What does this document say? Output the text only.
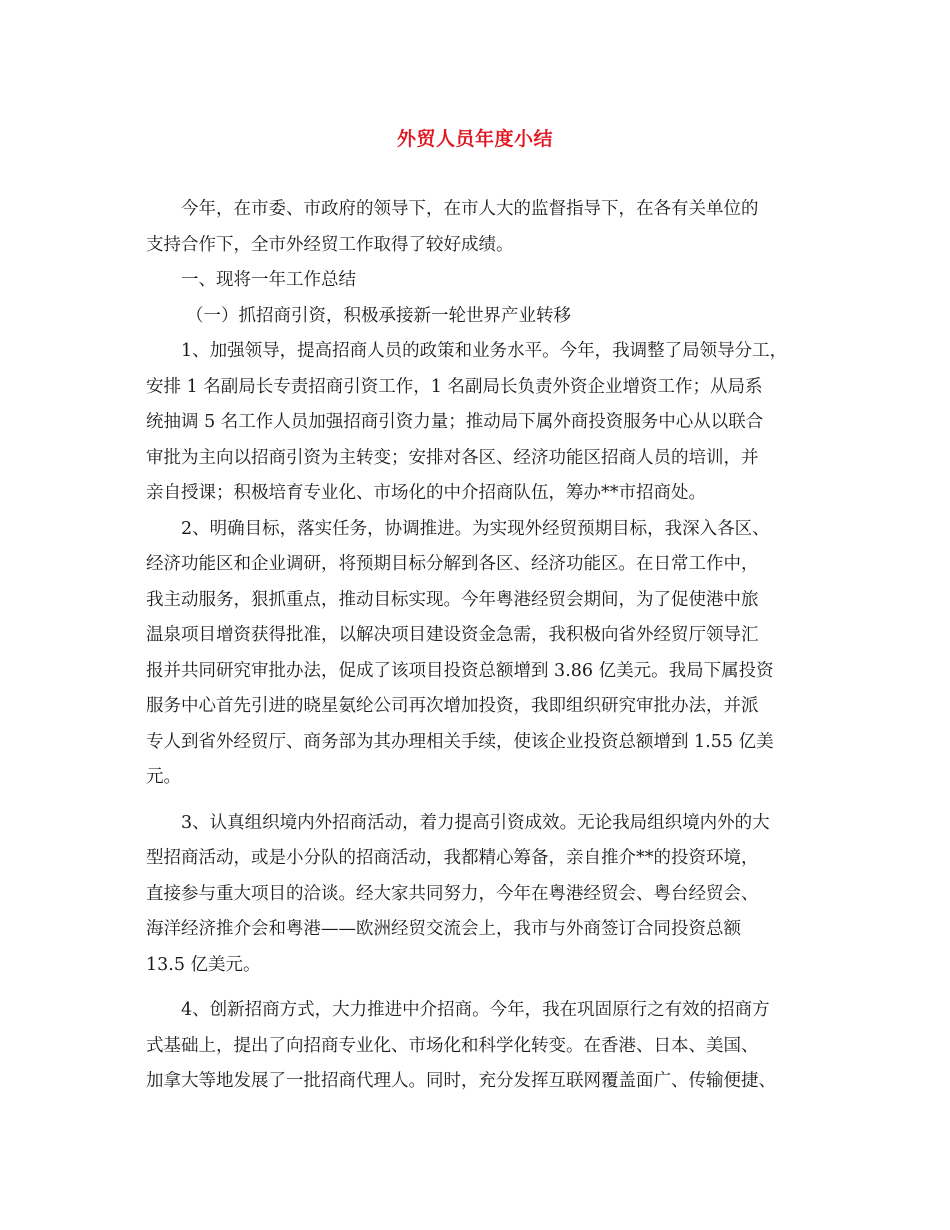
外贸人员年度小结
今年，在市委、市政府的领导下，在市人大的监督指导下，在各有关单位的
支持合作下，全市外经贸工作取得了较好成绩。
一、现将一年工作总结
（一）抓招商引资，积极承接新一轮世界产业转移
1、加强领导，提高招商人员的政策和业务水平。今年，我调整了局领导分工，
安排 1 名副局长专责招商引资工作，1 名副局长负责外资企业增资工作；从局系
统抽调 5 名工作人员加强招商引资力量；推动局下属外商投资服务中心从以联合
审批为主向以招商引资为主转变；安排对各区、经济功能区招商人员的培训，并
亲自授课；积极培育专业化、市场化的中介招商队伍，筹办**市招商处。
2、明确目标，落实任务，协调推进。为实现外经贸预期目标，我深入各区、
经济功能区和企业调研，将预期目标分解到各区、经济功能区。在日常工作中，
我主动服务，狠抓重点，推动目标实现。今年粤港经贸会期间，为了促使港中旅
温泉项目增资获得批准，以解决项目建设资金急需，我积极向省外经贸厅领导汇
报并共同研究审批办法，促成了该项目投资总额增到 3.86 亿美元。我局下属投资
服务中心首先引进的晓星氨纶公司再次增加投资，我即组织研究审批办法，并派
专人到省外经贸厅、商务部为其办理相关手续，使该企业投资总额增到 1.55 亿美
元。
3、认真组织境内外招商活动，着力提高引资成效。无论我局组织境内外的大
型招商活动，或是小分队的招商活动，我都精心筹备，亲自推介**的投资环境，
直接参与重大项目的洽谈。经大家共同努力，今年在粤港经贸会、粤台经贸会、
海洋经济推介会和粤港——欧洲经贸交流会上，我市与外商签订合同投资总额
13.5 亿美元。
4、创新招商方式，大力推进中介招商。今年，我在巩固原行之有效的招商方
式基础上，提出了向招商专业化、市场化和科学化转变。在香港、日本、美国、
加拿大等地发展了一批招商代理人。同时，充分发挥互联网覆盖面广、传输便捷、
